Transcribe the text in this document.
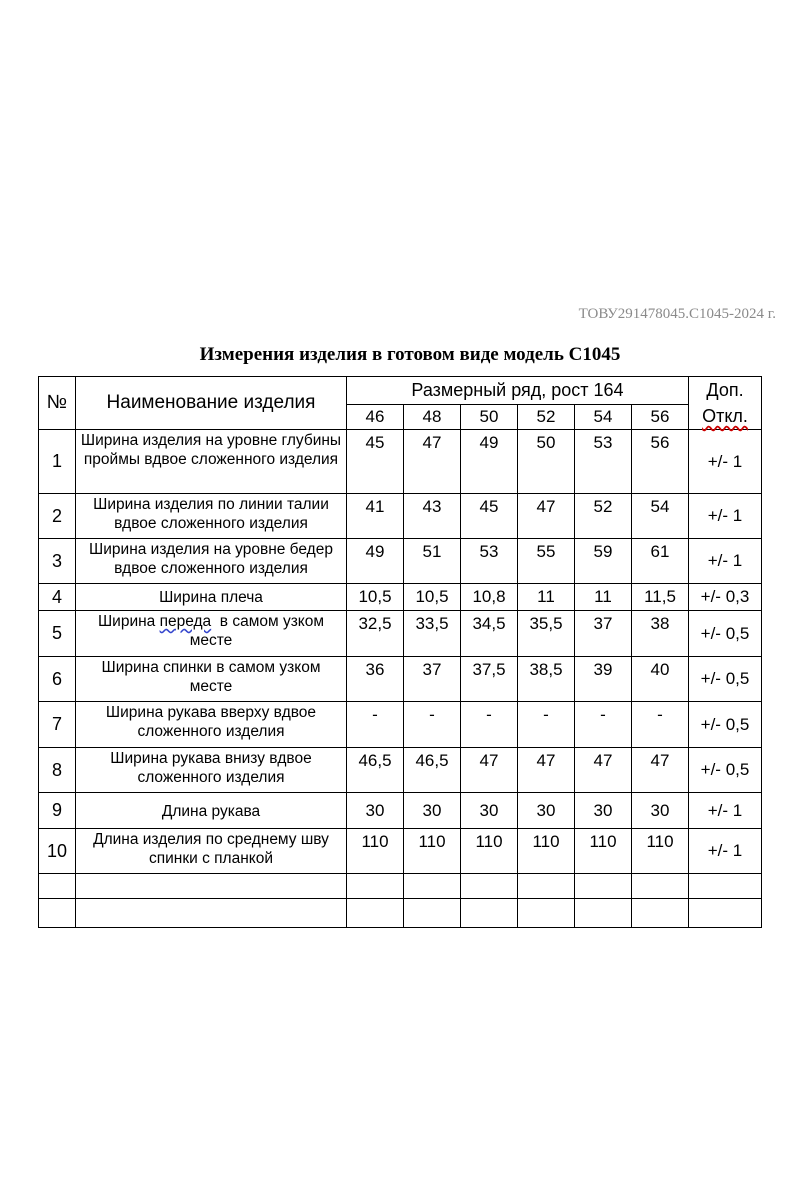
ТОВУ291478045.С1045-2024 г.
Измерения изделия в готовом виде модель С1045
№	Наименование изделия	Размерный ряд, рост 164						Доп.
Откл.
		46	48	50	52	54	56	
1	Ширина изделия на уровне глубины проймы вдвое сложенного изделия	45	47	49	50	53	56	+/- 1
2	Ширина изделия по линии талии вдвое сложенного изделия	41	43	45	47	52	54	+/- 1
3	Ширина изделия на уровне бедер вдвое сложенного изделия	49	51	53	55	59	61	+/- 1
4	Ширина плеча	10,5	10,5	10,8	11	11	11,5	+/- 0,3
5	Ширина переда  в самом узком месте	32,5	33,5	34,5	35,5	37	38	+/- 0,5
6	Ширина спинки в самом узком месте	36	37	37,5	38,5	39	40	+/- 0,5
7	Ширина рукава вверху вдвое сложенного изделия	-	-	-	-	-	-	+/- 0,5
8	Ширина рукава внизу вдвое сложенного изделия	46,5	46,5	47	47	47	47	+/- 0,5
9	Длина рукава	30	30	30	30	30	30	+/- 1
10	Длина изделия по среднему шву спинки с планкой	110	110	110	110	110	110	+/- 1
